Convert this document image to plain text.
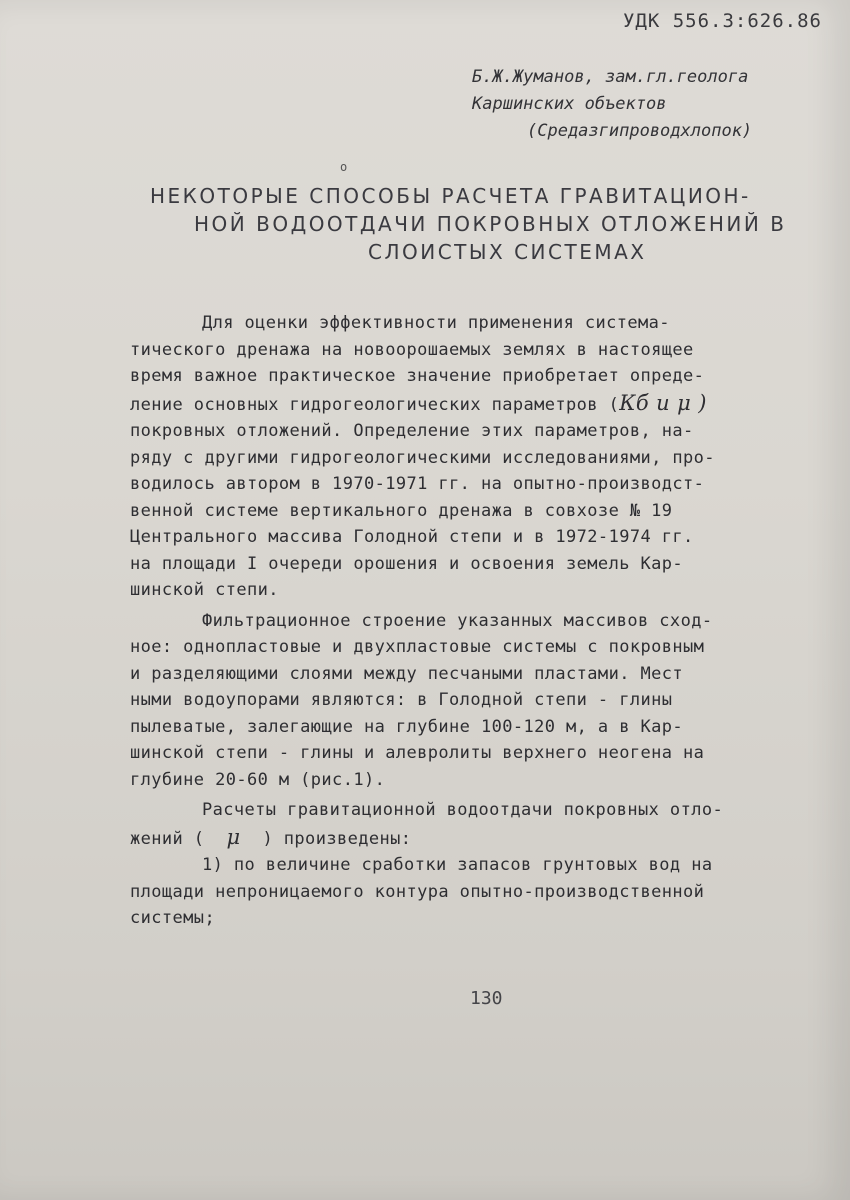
УДК 556.3:626.86
Б.Ж.Жуманов, зам.гл.геолога
Каршинских объектов
(Средазгипроводхлопок)
o
НЕКОТОРЫЕ СПОСОБЫ РАСЧЕТА ГРАВИТАЦИОН-
НОЙ ВОДООТДАЧИ ПОКРОВНЫХ ОТЛОЖЕНИЙ В
СЛОИСТЫХ СИСТЕМАХ
Для оценки эффективности применения система-
тического дренажа на новоорошаемых землях в настоящее
время важное практическое значение приобретает опреде-
ление основных гидрогеологических параметров (Кб и μ )
покровных отложений. Определение этих параметров, на-
ряду с другими гидрогеологическими исследованиями, про-
водилось автором в 1970-1971 гг. на опытно-производст-
венной системе вертикального дренажа в совхозе № 19
Центрального массива Голодной степи и в 1972-1974 гг.
на площади I очереди орошения и освоения земель Кар-
шинской степи.
Фильтрационное строение указанных массивов сход-
ное: однопластовые и двухпластовые системы с покровным
и разделяющими слоями между песчаными пластами. Мест
ными водоупорами являются: в Голодной степи - глины
пылеватые, залегающие на глубине 100-120 м, а в Кар-
шинской степи - глины и алевролиты верхнего неогена на
глубине 20-60 м (рис.1).
Расчеты гравитационной водоотдачи покровных отло-
жений ( μ ) произведены:
1) по величине сработки запасов грунтовых вод на
площади непроницаемого контура опытно-производственной
системы;
130
